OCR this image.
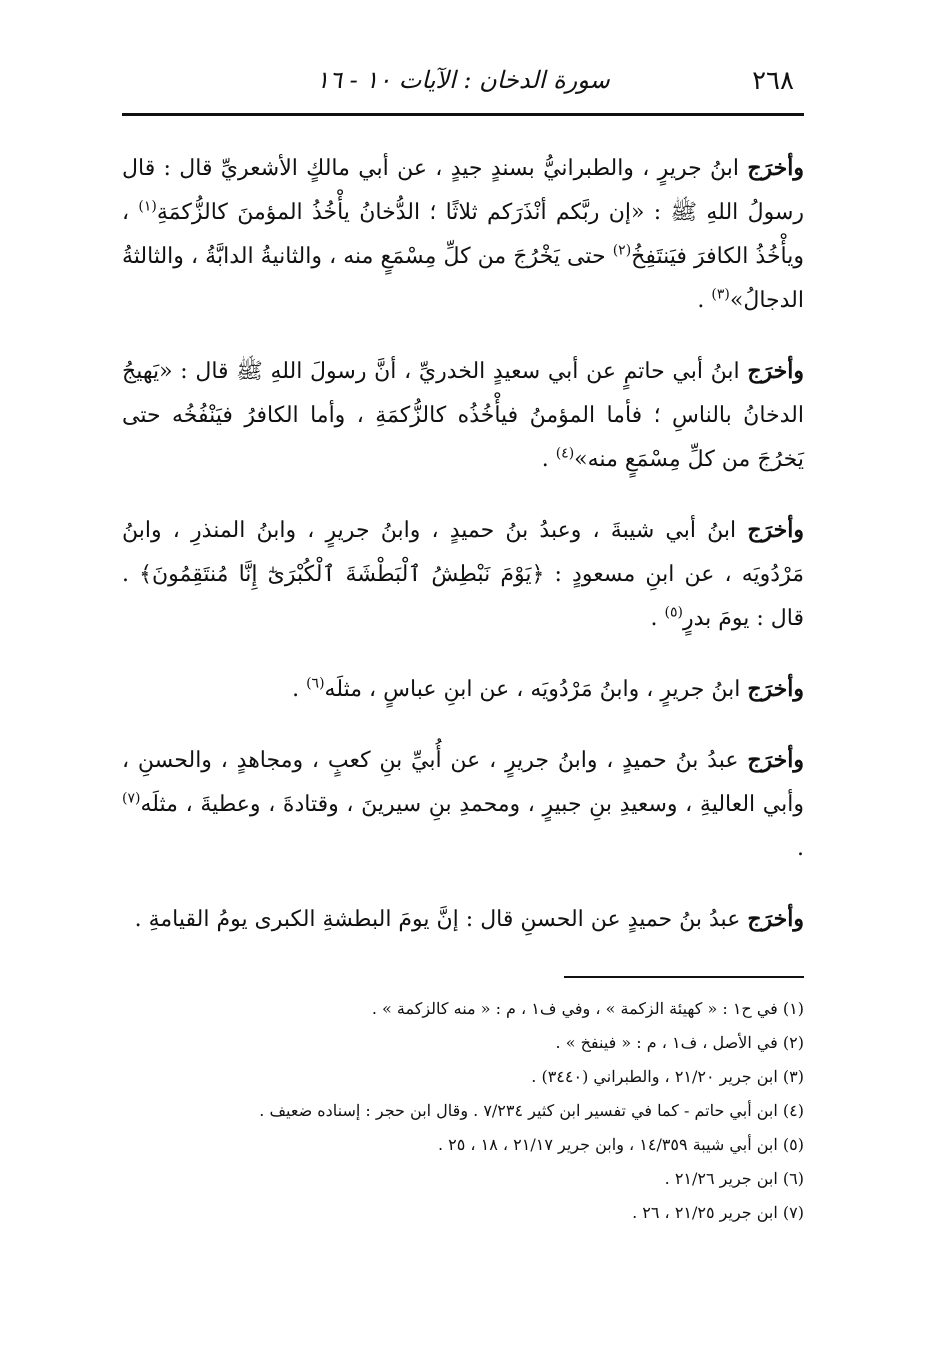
٢٦٨
سورة الدخان : الآيات ١٠ - ١٦

وأخرَج ابنُ جريرٍ ، والطبرانيُّ بسندٍ جيدٍ ، عن أبي مالكٍ الأشعريِّ قال : قال رسولُ اللهِ ﷺ : «إن ربَّكم أنْذَرَكم ثلاثًا ؛ الدُّخانُ يأْخُذُ المؤمنَ كالزُّكمَةِ$^{(١)}$ ، ويأْخُذُ الكافرَ فيَنتَفِخُ$^{(٢)}$ حتى يَخْرُجَ من كلِّ مِسْمَعٍ منه ، والثانيةُ الدابَّةُ ، والثالثةُ الدجالُ»$^{(٣)}$ .

وأخرَج ابنُ أبي حاتمٍ عن أبي سعيدٍ الخدريِّ ، أنَّ رسولَ اللهِ ﷺ قال : «يَهيجُ الدخانُ بالناسِ ؛ فأما المؤمنُ فيأْخُذُه كالزُّكمَةِ ، وأما الكافرُ فيَنْفُخُه حتى يَخرُجَ من كلِّ مِسْمَعٍ منه»$^{(٤)}$ .

وأخرَج ابنُ أبي شيبةَ ، وعبدُ بنُ حميدٍ ، وابنُ جريرٍ ، وابنُ المنذرِ ، وابنُ مَرْدُويَه ، عن ابنِ مسعودٍ : ﴿يَوْمَ نَبْطِشُ ٱلْبَطْشَةَ ٱلْكُبْرَىٰٓ إِنَّا مُنتَقِمُونَ﴾ . قال : يومَ بدرٍ$^{(٥)}$ .

وأخرَج ابنُ جريرٍ ، وابنُ مَرْدُويَه ، عن ابنِ عباسٍ ، مثلَه$^{(٦)}$ .

وأخرَج عبدُ بنُ حميدٍ ، وابنُ جريرٍ ، عن أُبيِّ بنِ كعبٍ ، ومجاهدٍ ، والحسنِ ، وأبي العاليةِ ، وسعيدِ بنِ جبيرٍ ، ومحمدِ بنِ سيرينَ ، وقتادةَ ، وعطيةَ ، مثلَه$^{(٧)}$ .

وأخرَج عبدُ بنُ حميدٍ عن الحسنِ قال : إنَّ يومَ البطشةِ الكبرى يومُ القيامةِ .

(١) في ح١ : « كهيئة الزكمة » ، وفي ف١ ، م : « منه كالزكمة » .
(٢) في الأصل ، ف١ ، م : « فينفخ » .
(٣) ابن جرير ٢١/٢٠ ، والطبراني (٣٤٤٠) .
(٤) ابن أبي حاتم - كما في تفسير ابن كثير ٧/٢٣٤ . وقال ابن حجر : إسناده ضعيف .
(٥) ابن أبي شيبة ١٤/٣٥٩ ، وابن جرير ٢١/١٧ ، ١٨ ، ٢٥ .
(٦) ابن جرير ٢١/٢٦ .
(٧) ابن جرير ٢١/٢٥ ، ٢٦ .
